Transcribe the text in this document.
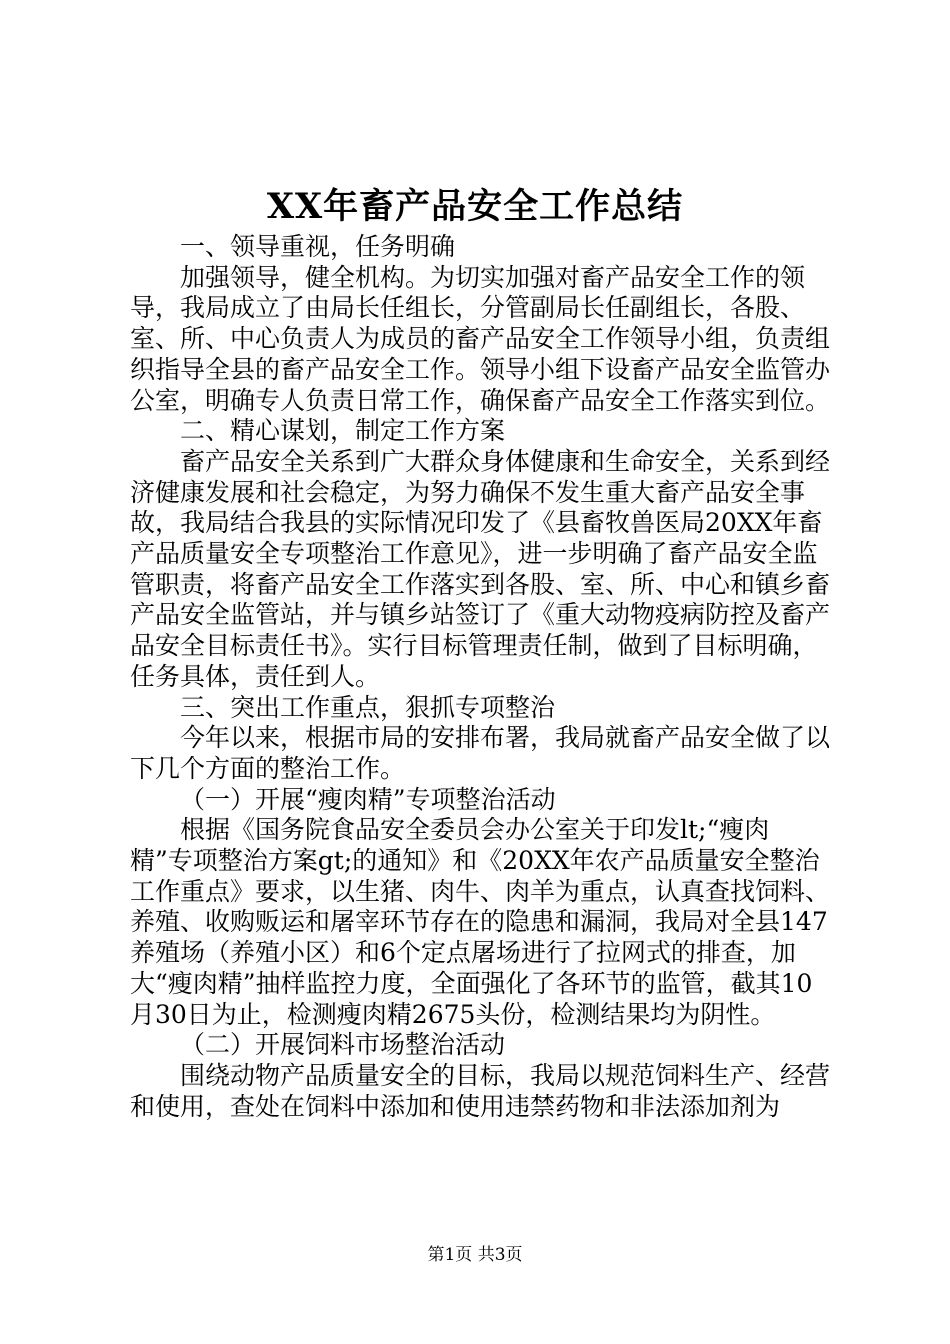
XX年畜产品安全工作总结

一、领导重视，任务明确

加强领导，健全机构。为切实加强对畜产品安全工作的领导，我局成立了由局长任组长，分管副局长任副组长，各股、室、所、中心负责人为成员的畜产品安全工作领导小组，负责组织指导全县的畜产品安全工作。领导小组下设畜产品安全监管办公室，明确专人负责日常工作，确保畜产品安全工作落实到位。

二、精心谋划，制定工作方案

畜产品安全关系到广大群众身体健康和生命安全，关系到经济健康发展和社会稳定，为努力确保不发生重大畜产品安全事故，我局结合我县的实际情况印发了《县畜牧兽医局20XX年畜产品质量安全专项整治工作意见》，进一步明确了畜产品安全监管职责，将畜产品安全工作落实到各股、室、所、中心和镇乡畜产品安全监管站，并与镇乡站签订了《重大动物疫病防控及畜产品安全目标责任书》。实行目标管理责任制，做到了目标明确，任务具体，责任到人。

三、突出工作重点，狠抓专项整治

今年以来，根据市局的安排布署，我局就畜产品安全做了以下几个方面的整治工作。

（一）开展“瘦肉精”专项整治活动

根据《国务院食品安全委员会办公室关于印发lt;“瘦肉精”专项整治方案gt;的通知》和《20XX年农产品质量安全整治工作重点》要求，以生猪、肉牛、肉羊为重点，认真查找饲料、养殖、收购贩运和屠宰环节存在的隐患和漏洞，我局对全县147养殖场（养殖小区）和6个定点屠场进行了拉网式的排查，加大“瘦肉精”抽样监控力度，全面强化了各环节的监管，截其10月30日为止，检测瘦肉精2675头份，检测结果均为阴性。

（二）开展饲料市场整治活动

围绕动物产品质量安全的目标，我局以规范饲料生产、经营和使用，查处在饲料中添加和使用违禁药物和非法添加剂为

第1页 共3页
